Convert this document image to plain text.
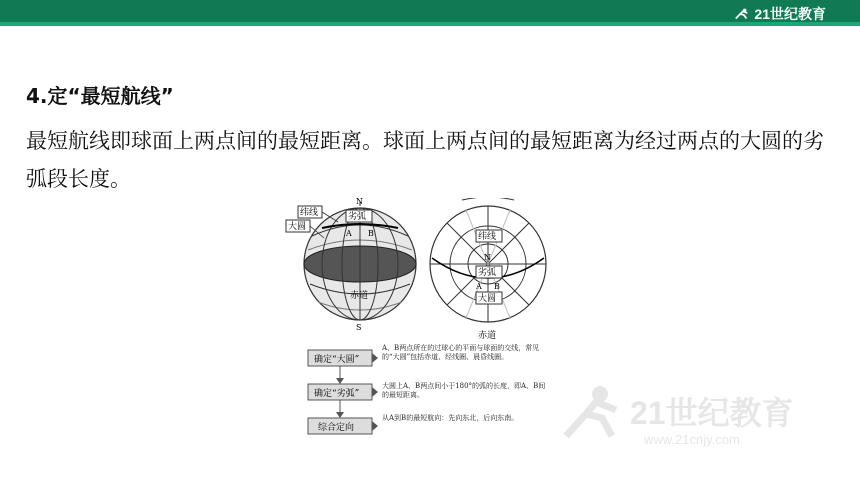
21世纪教育
4.定“最短航线”
最短航线即球面上两点间的最短距离。球面上两点间的最短距离为经过两点的大圆的劣弧段长度。
N
S
A B
赤道
纬线
大圆
劣弧
纬线
N
劣弧
A B
大圆
赤道
确定“大圆”
确定“劣弧”
综合定向
A、B两点所在的过球心的平面与球面的交线，常见的“大圆”包括赤道、经线圈、晨昏线圈。
大圆上A、B两点间小于180°的弧的长度，即A、B间的最短距离。
从A到B的最短航向：先向东北，后向东南。	21世纪教育
www.21cnjy.com
